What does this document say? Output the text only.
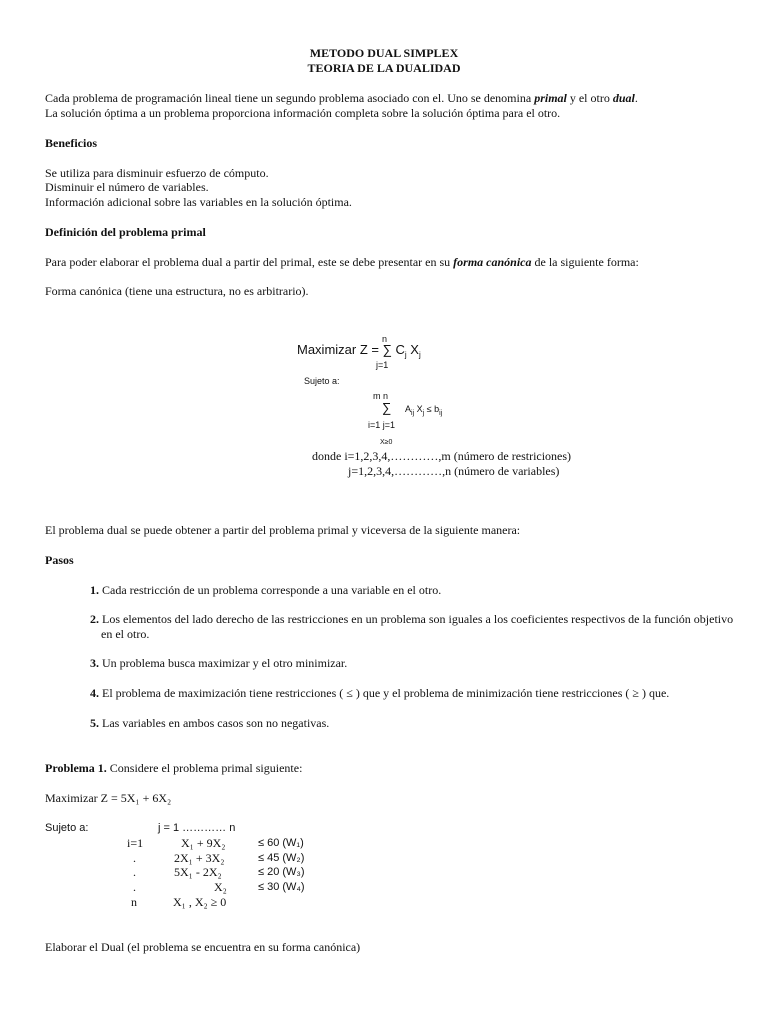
METODO DUAL SIMPLEX
TEORIA DE LA DUALIDAD
Cada problema de programación lineal tiene un segundo problema asociado con el. Uno se denomina primal y el otro dual.
La solución óptima a un problema proporciona información completa sobre la solución óptima para el otro.
Beneficios
Se utiliza para disminuir esfuerzo de cómputo.
Disminuir el número de variables.
Información adicional sobre las variables en la solución óptima.
Definición del problema primal
Para poder elaborar el problema dual a partir del primal, este se debe presentar en su forma canónica de la siguiente forma:
Forma canónica (tiene una estructura, no es arbitrario).
n
Maximizar Z = ∑ $C_j$ $X_j$
j=1
Sujeto a:
m n
∑ $A_{ij}$ $X_j \le b_{ij}$
i=1 j=1
X≥0
donde i=1,2,3,4,…………,m (número de restriciones)
j=1,2,3,4,…………,n (número de variables)
El problema dual se puede obtener a partir del problema primal y viceversa de la siguiente manera:
Pasos
1. Cada restricción de un problema corresponde a una variable en el otro.
2. Los elementos del lado derecho de las restricciones en un problema son iguales a los coeficientes respectivos de la función objetivo en el otro.
3. Un problema busca maximizar y el otro minimizar.
4. El problema de maximización tiene restricciones ( ≤ ) que y el problema de minimización tiene restricciones ( ≥ ) que.
5. Las variables en ambos casos son no negativas.
Problema 1. Considere el problema primal siguiente:
Maximizar Z = 5X₁ + 6X₂
Sujeto a:	j = 1 ………… n
i=1	X₁ + 9X₂	≤ 60 (W₁)
.	2X₁ + 3X₂	≤ 45 (W₂)
.	5X₁ - 2X₂	≤ 20 (W₃)
.	X₂	≤ 30 (W₄)
n	X₁ , X₂ ≥ 0
Elaborar el Dual (el problema se encuentra en su forma canónica)
